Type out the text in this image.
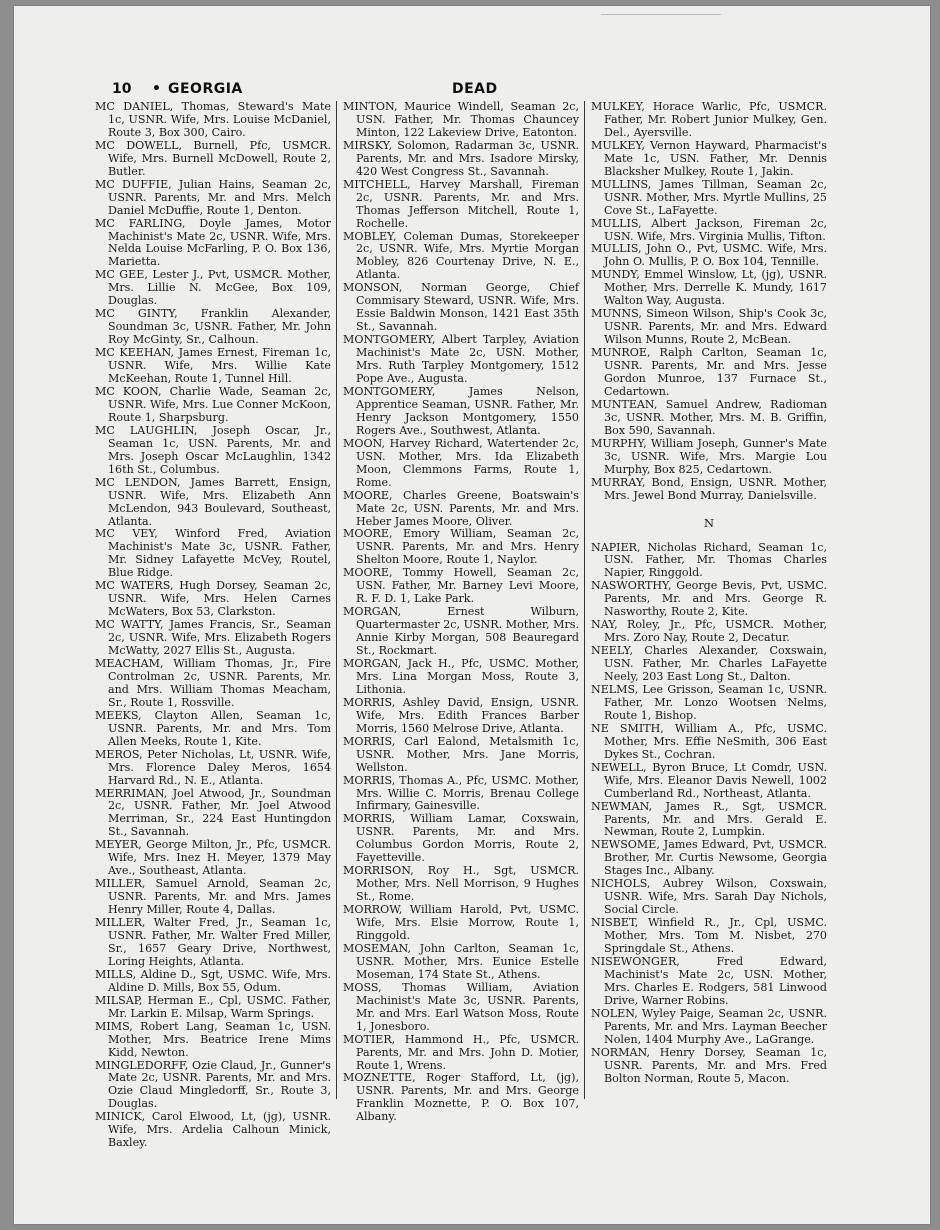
10
•	GEORGIA	DEAD
MC DANIEL, Thomas, Steward's Mate 1c, USNR. Wife, Mrs. Louise McDaniel, Route 3, Box 300, Cairo.
MC DOWELL, Burnell, Pfc, USMCR. Wife, Mrs. Burnell McDowell, Route 2, Butler.
MC DUFFIE, Julian Hains, Seaman 2c, USNR. Parents, Mr. and Mrs. Melch Daniel McDuffie, Route 1, Denton.
MC FARLING, Doyle James, Motor Machinist's Mate 2c, USNR. Wife, Mrs. Nelda Louise McFarling, P. O. Box 136, Marietta.
MC GEE, Lester J., Pvt, USMCR. Mother, Mrs. Lillie N. McGee, Box 109, Douglas.
MC GINTY, Franklin Alexander, Soundman 3c, USNR. Father, Mr. John Roy McGinty, Sr., Calhoun.
MC KEEHAN, James Ernest, Fireman 1c, USNR. Wife, Mrs. Willie Kate McKeehan, Route 1, Tunnel Hill.
MC KOON, Charlie Wade, Seaman 2c, USNR. Wife, Mrs. Lue Conner McKoon, Route 1, Sharpsburg.
MC LAUGHLIN, Joseph Oscar, Jr., Seaman 1c, USN. Parents, Mr. and Mrs. Joseph Oscar McLaughlin, 1342 16th St., Columbus.
MC LENDON, James Barrett, Ensign, USNR. Wife, Mrs. Elizabeth Ann McLendon, 943 Boulevard, Southeast, Atlanta.
MC VEY, Winford Fred, Aviation Machinist's Mate 3c, USNR. Father, Mr. Sidney Lafayette McVey, Routel, Blue Ridge.
MC WATERS, Hugh Dorsey, Seaman 2c, USNR. Wife, Mrs. Helen Carnes McWaters, Box 53, Clarkston.
MC WATTY, James Francis, Sr., Seaman 2c, USNR. Wife, Mrs. Elizabeth Rogers McWatty, 2027 Ellis St., Augusta.
MEACHAM, William Thomas, Jr., Fire Controlman 2c, USNR. Parents, Mr. and Mrs. William Thomas Meacham, Sr., Route 1, Rossville.
MEEKS, Clayton Allen, Seaman 1c, USNR. Parents, Mr. and Mrs. Tom Allen Meeks, Route 1, Kite.
MEROS, Peter Nicholas, Lt, USNR. Wife, Mrs. Florence Daley Meros, 1654 Harvard Rd., N. E., Atlanta.
MERRIMAN, Joel Atwood, Jr., Soundman 2c, USNR. Father, Mr. Joel Atwood Merriman, Sr., 224 East Huntingdon St., Savannah.
MEYER, George Milton, Jr., Pfc, USMCR. Wife, Mrs. Inez H. Meyer, 1379 May Ave., Southeast, Atlanta.
MILLER, Samuel Arnold, Seaman 2c, USNR. Parents, Mr. and Mrs. James Henry Miller, Route 4, Dallas.
MILLER, Walter Fred, Jr., Seaman 1c, USNR. Father, Mr. Walter Fred Miller, Sr., 1657 Geary Drive, Northwest, Loring Heights, Atlanta.
MILLS, Aldine D., Sgt, USMC. Wife, Mrs. Aldine D. Mills, Box 55, Odum.
MILSAP, Herman E., Cpl, USMC. Father, Mr. Larkin E. Milsap, Warm Springs.
MIMS, Robert Lang, Seaman 1c, USN. Mother, Mrs. Beatrice Irene Mims Kidd, Newton.
MINGLEDORFF, Ozie Claud, Jr., Gunner's Mate 2c, USNR. Parents, Mr. and Mrs. Ozie Claud Mingledorff, Sr., Route 3, Douglas.
MINICK, Carol Elwood, Lt, (jg), USNR. Wife, Mrs. Ardelia Calhoun Minick, Baxley.
MINTON, Maurice Windell, Seaman 2c, USN. Father, Mr. Thomas Chauncey Minton, 122 Lakeview Drive, Eatonton.
MIRSKY, Solomon, Radarman 3c, USNR. Parents, Mr. and Mrs. Isadore Mirsky, 420 West Congress St., Savannah.
MITCHELL, Harvey Marshall, Fireman 2c, USNR. Parents, Mr. and Mrs. Thomas Jefferson Mitchell, Route 1, Rochelle.
MOBLEY, Coleman Dumas, Storekeeper 2c, USNR. Wife, Mrs. Myrtie Morgan Mobley, 826 Courtenay Drive, N. E., Atlanta.
MONSON, Norman George, Chief Commisary Steward, USNR. Wife, Mrs. Essie Baldwin Monson, 1421 East 35th St., Savannah.
MONTGOMERY, Albert Tarpley, Aviation Machinist's Mate 2c, USN. Mother, Mrs. Ruth Tarpley Montgomery, 1512 Pope Ave., Augusta.
MONTGOMERY, James Nelson, Apprentice Seaman, USNR. Father, Mr. Henry Jackson Montgomery, 1550 Rogers Ave., Southwest, Atlanta.
MOON, Harvey Richard, Watertender 2c, USN. Mother, Mrs. Ida Elizabeth Moon, Clemmons Farms, Route 1, Rome.
MOORE, Charles Greene, Boatswain's Mate 2c, USN. Parents, Mr. and Mrs. Heber James Moore, Oliver.
MOORE, Emory William, Seaman 2c, USNR. Parents, Mr. and Mrs. Henry Shelton Moore, Route 1, Naylor.
MOORE, Tommy Howell, Seaman 2c, USN. Father, Mr. Barney Levi Moore, R. F. D. 1, Lake Park.
MORGAN, Ernest Wilburn, Quartermaster 2c, USNR. Mother, Mrs. Annie Kirby Morgan, 508 Beauregard St., Rockmart.
MORGAN, Jack H., Pfc, USMC. Mother, Mrs. Lina Morgan Moss, Route 3, Lithonia.
MORRIS, Ashley David, Ensign, USNR. Wife, Mrs. Edith Frances Barber Morris, 1560 Melrose Drive, Atlanta.
MORRIS, Carl Ealond, Metalsmith 1c, USNR. Mother, Mrs. Jane Morris, Wellston.
MORRIS, Thomas A., Pfc, USMC. Mother, Mrs. Willie C. Morris, Brenau College Infirmary, Gainesville.
MORRIS, William Lamar, Coxswain, USNR. Parents, Mr. and Mrs. Columbus Gordon Morris, Route 2, Fayetteville.
MORRISON, Roy H., Sgt, USMCR. Mother, Mrs. Nell Morrison, 9 Hughes St., Rome.
MORROW, William Harold, Pvt, USMC. Wife, Mrs. Elsie Morrow, Route 1, Ringgold.
MOSEMAN, John Carlton, Seaman 1c, USNR. Mother, Mrs. Eunice Estelle Moseman, 174 State St., Athens.
MOSS, Thomas William, Aviation Machinist's Mate 3c, USNR. Parents, Mr. and Mrs. Earl Watson Moss, Route 1, Jonesboro.
MOTIER, Hammond H., Pfc, USMCR. Parents, Mr. and Mrs. John D. Motier, Route 1, Wrens.
MOZNETTE, Roger Stafford, Lt, (jg), USNR. Parents, Mr. and Mrs. George Franklin Moznette, P. O. Box 107, Albany.
MULKEY, Horace Warlic, Pfc, USMCR. Father, Mr. Robert Junior Mulkey, Gen. Del., Ayersville.
MULKEY, Vernon Hayward, Pharmacist's Mate 1c, USN. Father, Mr. Dennis Blacksher Mulkey, Route 1, Jakin.
MULLINS, James Tillman, Seaman 2c, USNR. Mother, Mrs. Myrtle Mullins, 25 Cove St., LaFayette.
MULLIS, Albert Jackson, Fireman 2c, USN. Wife, Mrs. Virginia Mullis, Tifton.
MULLIS, John O., Pvt, USMC. Wife, Mrs. John O. Mullis, P. O. Box 104, Tennille.
MUNDY, Emmel Winslow, Lt, (jg), USNR. Mother, Mrs. Derrelle K. Mundy, 1617 Walton Way, Augusta.
MUNNS, Simeon Wilson, Ship's Cook 3c, USNR. Parents, Mr. and Mrs. Edward Wilson Munns, Route 2, McBean.
MUNROE, Ralph Carlton, Seaman 1c, USNR. Parents, Mr. and Mrs. Jesse Gordon Munroe, 137 Furnace St., Cedartown.
MUNTEAN, Samuel Andrew, Radioman 3c, USNR. Mother, Mrs. M. B. Griffin, Box 590, Savannah.
MURPHY, William Joseph, Gunner's Mate 3c, USNR. Wife, Mrs. Margie Lou Murphy, Box 825, Cedartown.
MURRAY, Bond, Ensign, USNR. Mother, Mrs. Jewel Bond Murray, Danielsville.
N
NAPIER, Nicholas Richard, Seaman 1c, USN. Father, Mr. Thomas Charles Napier, Ringgold.
NASWORTHY, George Bevis, Pvt, USMC. Parents, Mr. and Mrs. George R. Nasworthy, Route 2, Kite.
NAY, Roley, Jr., Pfc, USMCR. Mother, Mrs. Zoro Nay, Route 2, Decatur.
NEELY, Charles Alexander, Coxswain, USN. Father, Mr. Charles LaFayette Neely, 203 East Long St., Dalton.
NELMS, Lee Grisson, Seaman 1c, USNR. Father, Mr. Lonzo Wootsen Nelms, Route 1, Bishop.
NE SMITH, William A., Pfc, USMC. Mother, Mrs. Effie NeSmith, 306 East Dykes St., Cochran.
NEWELL, Byron Bruce, Lt Comdr, USN. Wife, Mrs. Eleanor Davis Newell, 1002 Cumberland Rd., Northeast, Atlanta.
NEWMAN, James R., Sgt, USMCR. Parents, Mr. and Mrs. Gerald E. Newman, Route 2, Lumpkin.
NEWSOME, James Edward, Pvt, USMCR. Brother, Mr. Curtis Newsome, Georgia Stages Inc., Albany.
NICHOLS, Aubrey Wilson, Coxswain, USNR. Wife, Mrs. Sarah Day Nichols, Social Circle.
NISBET, Winfield R., Jr., Cpl, USMC. Mother, Mrs. Tom M. Nisbet, 270 Springdale St., Athens.
NISEWONGER, Fred Edward, Machinist's Mate 2c, USN. Mother, Mrs. Charles E. Rodgers, 581 Linwood Drive, Warner Robins.
NOLEN, Wyley Paige, Seaman 2c, USNR. Parents, Mr. and Mrs. Layman Beecher Nolen, 1404 Murphy Ave., LaGrange.
NORMAN, Henry Dorsey, Seaman 1c, USNR. Parents, Mr. and Mrs. Fred Bolton Norman, Route 5, Macon.
